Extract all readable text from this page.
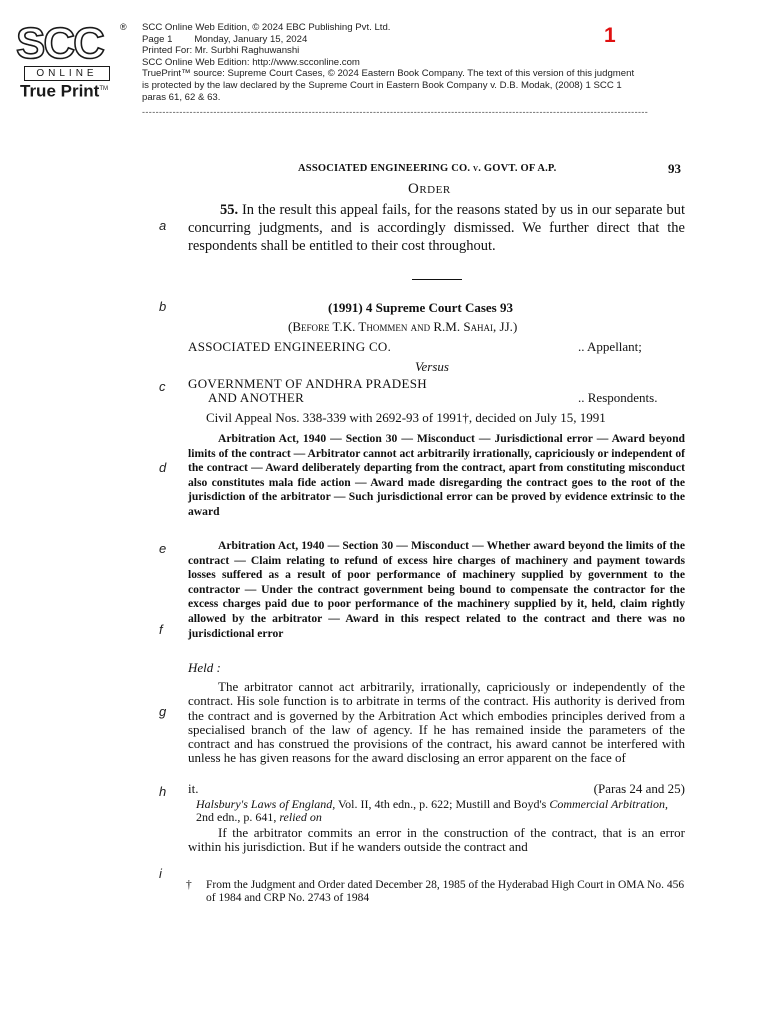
SCC ®
ONLINE
True Print™
SCC Online Web Edition, © 2024 EBC Publishing Pvt. Ltd.
Page 1 Monday, January 15, 2024
Printed For: Mr. Surbhi Raghuwanshi
SCC Online Web Edition: http://www.scconline.com
TruePrint™ source: Supreme Court Cases, © 2024 Eastern Book Company. The text of this version of this judgment is protected by the law declared by the Supreme Court in Eastern Book Company v. D.B. Modak, (2008) 1 SCC 1 paras 61, 62 & 63.
1
-----------------------------------------------------------------------------------------------------------------------------------------------------
a
b
c
d
e
f
g
h
i
ASSOCIATED ENGINEERING CO. v. GOVT. OF A.P.	93
Order
55. In the result this appeal fails, for the reasons stated by us in our separate but concurring judgments, and is accordingly dismissed. We further direct that the respondents shall be entitled to their cost throughout.
(1991) 4 Supreme Court Cases 93
(Before T.K. Thommen and R.M. Sahai, JJ.)
ASSOCIATED ENGINEERING CO.	.. Appellant;
Versus
GOVERNMENT OF ANDHRA PRADESH
AND ANOTHER	.. Respondents.
Civil Appeal Nos. 338-339 with 2692-93 of 1991†, decided on July 15, 1991
Arbitration Act, 1940 — Section 30 — Misconduct — Jurisdictional error — Award beyond limits of the contract — Arbitrator cannot act arbitrarily irrationally, capriciously or independent of the contract — Award deliberately departing from the contract, apart from constituting misconduct also constitutes mala fide action — Award made disregarding the contract goes to the root of the jurisdiction of the arbitrator — Such jurisdictional error can be proved by evidence extrinsic to the award
Arbitration Act, 1940 — Section 30 — Misconduct — Whether award beyond the limits of the contract — Claim relating to refund of excess hire charges of machinery and payment towards losses suffered as a result of poor performance of machinery supplied by government to the contractor — Under the contract government being bound to compensate the contractor for the excess charges paid due to poor performance of the machinery supplied by it, held, claim rightly allowed by the arbitrator — Award in this respect related to the contract and there was no jurisdictional error
Held :
The arbitrator cannot act arbitrarily, irrationally, capriciously or independently of the contract. His sole function is to arbitrate in terms of the contract. His authority is derived from the contract and is governed by the Arbitration Act which embodies principles derived from a specialised branch of the law of agency. If he has remained inside the parameters of the contract and has construed the provisions of the contract, his award cannot be interfered with unless he has given reasons for the award disclosing an error apparent on the face of
it.	(Paras 24 and 25)
Halsbury's Laws of England, Vol. II, 4th edn., p. 622; Mustill and Boyd's Commercial Arbitration, 2nd edn., p. 641, relied on
If the arbitrator commits an error in the construction of the contract, that is an error within his jurisdiction. But if he wanders outside the contract and
† From the Judgment and Order dated December 28, 1985 of the Hyderabad High Court in OMA No. 456 of 1984 and CRP No. 2743 of 1984
